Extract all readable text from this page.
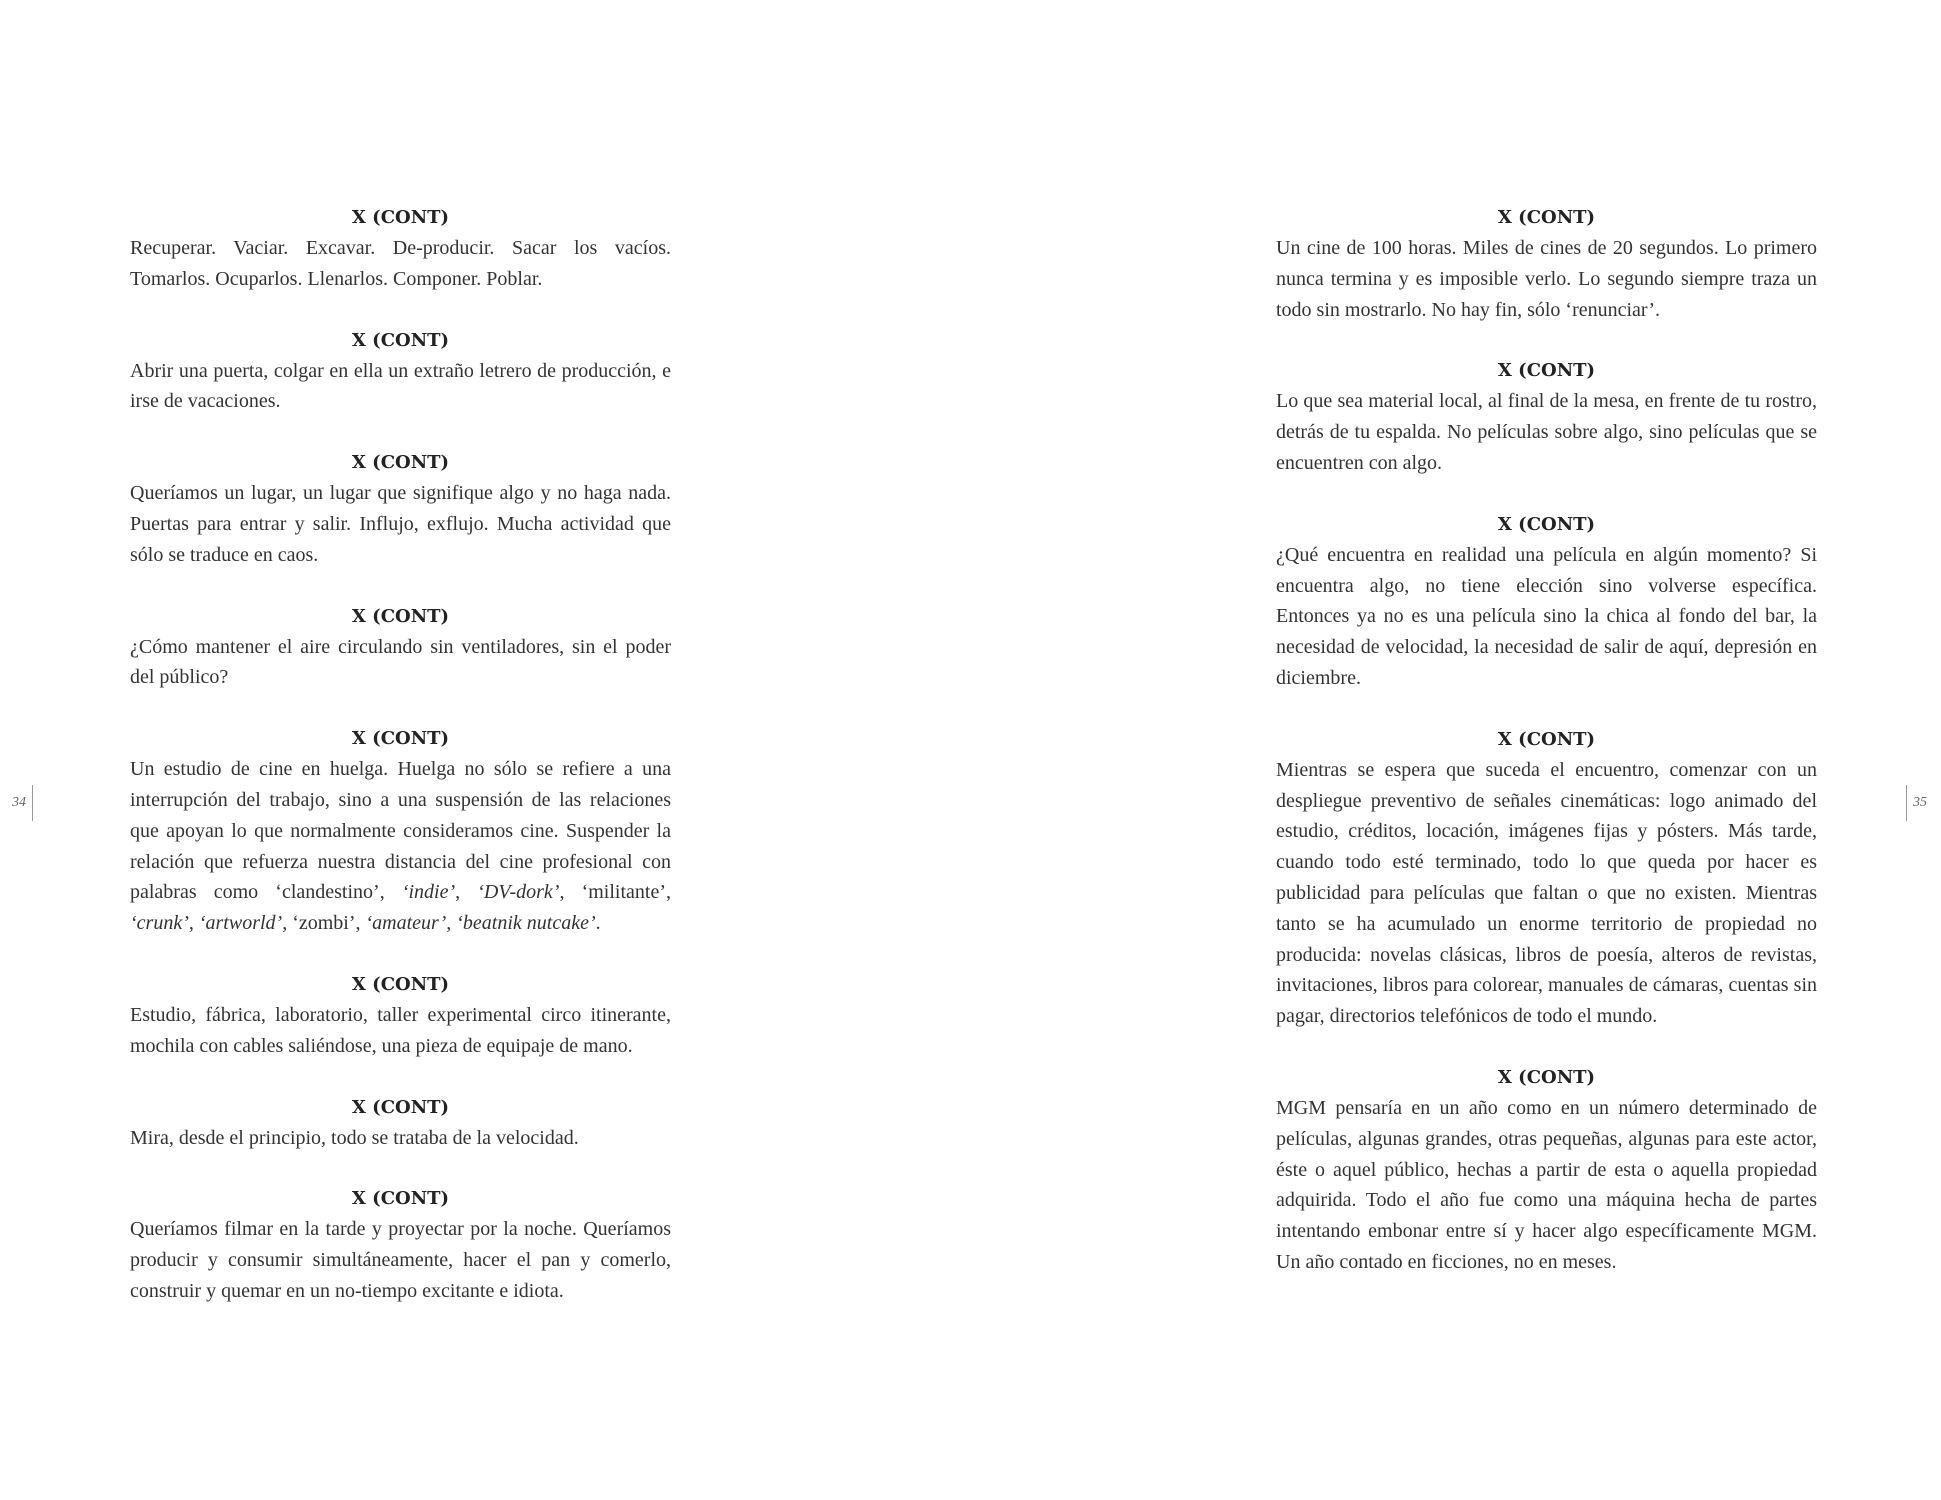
X (CONT)
Recuperar. Vaciar. Excavar. De-producir. Sacar los vacíos. Tomarlos. Ocuparlos. Llenarlos. Componer. Poblar.
X (CONT)
Abrir una puerta, colgar en ella un extraño letrero de producción, e irse de vacaciones.
X (CONT)
Queríamos un lugar, un lugar que signifique algo y no haga nada. Puertas para entrar y salir. Influjo, exflujo. Mucha actividad que sólo se traduce en caos.
X (CONT)
¿Cómo mantener el aire circulando sin ventiladores, sin el poder del público?
X (CONT)
Un estudio de cine en huelga. Huelga no sólo se refiere a una interrupción del trabajo, sino a una suspensión de las relaciones que apoyan lo que normalmente consideramos cine. Suspender la relación que refuerza nuestra distancia del cine profesional con palabras como ‘clandestino’, ‘indie’, ‘DV-dork’, ‘militante’, ‘crunk’, ‘artworld’, ‘zombi’, ‘amateur’, ‘beatnik nutcake’.
X (CONT)
Estudio, fábrica, laboratorio, taller experimental circo itinerante, mochila con cables saliéndose, una pieza de equipaje de mano.
X (CONT)
Mira, desde el principio, todo se trataba de la velocidad.
X (CONT)
Queríamos filmar en la tarde y proyectar por la noche. Queríamos producir y consumir simultáneamente, hacer el pan y comerlo, construir y quemar en un no-tiempo excitante e idiota.
34
X (CONT)
Un cine de 100 horas. Miles de cines de 20 segundos. Lo primero nunca termina y es imposible verlo. Lo segundo siempre traza un todo sin mostrarlo. No hay fin, sólo ‘renunciar’.
X (CONT)
Lo que sea material local, al final de la mesa, en frente de tu rostro, detrás de tu espalda. No películas sobre algo, sino películas que se encuentren con algo.
X (CONT)
¿Qué encuentra en realidad una película en algún momento? Si encuentra algo, no tiene elección sino volverse específica. Entonces ya no es una película sino la chica al fondo del bar, la necesidad de velocidad, la necesidad de salir de aquí, depresión en diciembre.
X (CONT)
Mientras se espera que suceda el encuentro, comenzar con un despliegue preventivo de señales cinemáticas: logo animado del estudio, créditos, locación, imágenes fijas y pósters. Más tarde, cuando todo esté terminado, todo lo que queda por hacer es publicidad para películas que faltan o que no existen. Mientras tanto se ha acumulado un enorme territorio de propiedad no producida: novelas clásicas, libros de poesía, alteros de revistas, invitaciones, libros para colorear, manuales de cámaras, cuentas sin pagar, directorios telefónicos de todo el mundo.
X (CONT)
MGM pensaría en un año como en un número determinado de películas, algunas grandes, otras pequeñas, algunas para este actor, éste o aquel público, hechas a partir de esta o aquella propiedad adquirida. Todo el año fue como una máquina hecha de partes intentando embonar entre sí y hacer algo específicamente MGM. Un año contado en ficciones, no en meses.
35
